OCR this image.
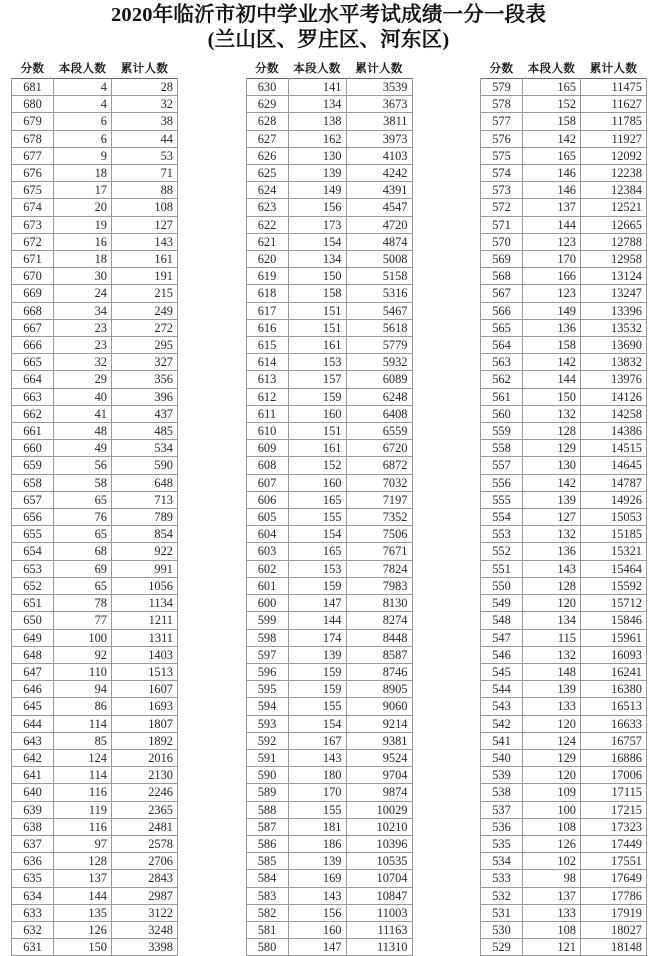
2020年临沂市初中学业水平考试成绩一分一段表
(兰山区、罗庄区、河东区)
分数	本段人数	累计人数
681	4	28
680	4	32
679	6	38
678	6	44
677	9	53
676	18	71
675	17	88
674	20	108
673	19	127
672	16	143
671	18	161
670	30	191
669	24	215
668	34	249
667	23	272
666	23	295
665	32	327
664	29	356
663	40	396
662	41	437
661	48	485
660	49	534
659	56	590
658	58	648
657	65	713
656	76	789
655	65	854
654	68	922
653	69	991
652	65	1056
651	78	1134
650	77	1211
649	100	1311
648	92	1403
647	110	1513
646	94	1607
645	86	1693
644	114	1807
643	85	1892
642	124	2016
641	114	2130
640	116	2246
639	119	2365
638	116	2481
637	97	2578
636	128	2706
635	137	2843
634	144	2987
633	135	3122
632	126	3248
631	150	3398
分数	本段人数	累计人数
630	141	3539
629	134	3673
628	138	3811
627	162	3973
626	130	4103
625	139	4242
624	149	4391
623	156	4547
622	173	4720
621	154	4874
620	134	5008
619	150	5158
618	158	5316
617	151	5467
616	151	5618
615	161	5779
614	153	5932
613	157	6089
612	159	6248
611	160	6408
610	151	6559
609	161	6720
608	152	6872
607	160	7032
606	165	7197
605	155	7352
604	154	7506
603	165	7671
602	153	7824
601	159	7983
600	147	8130
599	144	8274
598	174	8448
597	139	8587
596	159	8746
595	159	8905
594	155	9060
593	154	9214
592	167	9381
591	143	9524
590	180	9704
589	170	9874
588	155	10029
587	181	10210
586	186	10396
585	139	10535
584	169	10704
583	143	10847
582	156	11003
581	160	11163
580	147	11310
分数	本段人数	累计人数
579	165	11475
578	152	11627
577	158	11785
576	142	11927
575	165	12092
574	146	12238
573	146	12384
572	137	12521
571	144	12665
570	123	12788
569	170	12958
568	166	13124
567	123	13247
566	149	13396
565	136	13532
564	158	13690
563	142	13832
562	144	13976
561	150	14126
560	132	14258
559	128	14386
558	129	14515
557	130	14645
556	142	14787
555	139	14926
554	127	15053
553	132	15185
552	136	15321
551	143	15464
550	128	15592
549	120	15712
548	134	15846
547	115	15961
546	132	16093
545	148	16241
544	139	16380
543	133	16513
542	120	16633
541	124	16757
540	129	16886
539	120	17006
538	109	17115
537	100	17215
536	108	17323
535	126	17449
534	102	17551
533	98	17649
532	137	17786
531	133	17919
530	108	18027
529	121	18148
